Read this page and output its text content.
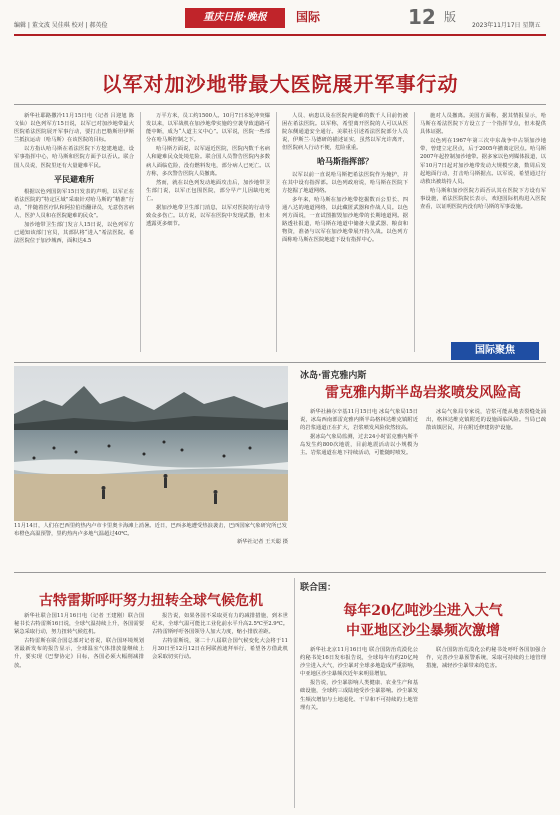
编辑 | 董文波 吴佳琪 校对 | 郝英俭
重庆日报·晚报	国际	12 版
2023年11月17日 星期五
以军对加沙地带最大医院展开军事行动

新华社耶路撒冷11月15日电（记者 吕迎旭 陈文仙）以色列军方15日说，以军已对加沙地带最大医院希法医院展开军事行动，要打击巴勒斯坦伊斯兰抵抗运动（哈马斯）在该医院的目标。

以方指认哈马斯在希法医院下方挖建地道，设军事指挥中心，哈马斯和医院方面予以否认。联合国人员说，医院里还有大量避难平民。

平民避难所

根据以色列国防军15日发表的声明，以军正在希法医院的“特定区域”采取针对哈马斯的“精准”行动，“伴随着医疗队和阿拉伯语翻译员，无意伤害病人、医护人员和在医院避难的民众”。

加沙地带卫生部门发言人15日说，以色列军方已通知该部门官员，其部队将“进入”希法医院。希法医院位于加沙城西，面积达4.5

万平方米，员工约1500人。10月7日本轮冲突爆发以来，以军战机在加沙地带实施的空袭导致道路可能中断，成为“人道主义中心”。以军说，医院一些部分在哈马斯控制之下。

哈马斯方面说，以军逼近医院，医院内数千名病人和避难民众处境危险。联合国人员警告医院内多数病人面临危险，没有燃料发电，部分病人已死亡。以方称，多次警告医院人员撤离。

然而，就在以色列发动地面攻击后，加沙地带卫生部门说，以军正包围医院，部分早产儿因缺电死亡。

据加沙地带卫生部门消息，以军对医院的行动导致众多伤亡。以方说，以军在医院中发现武器，但未透露更多细节。

人员、病患以及在医院内避难的数千人目前仍被困在希法医院。以军称，希望离开医院的人可以从医院东侧通道安全通行。美联社引述希法医院部分人员说，伊斯兰·马德研的描述证实，虽然以军允许离开，但医院病人行动不便，危险重重。

哈马斯指挥部？

以军以前一直说哈马斯把希法医院作为掩护，并在其中设有指挥部。以色列政府说，哈马斯在医院下方挖掘了地道网络。

多年来，哈马斯在加沙地带挖掘数百公里长、四通八达的地道网络，以此藏匿武器和作战人员。以色列方面说，一直试图摧毁加沙地带的长期地道网。据路透社报道，哈马斯在地道中储备大量武器、粮食和物资，准备与以军在加沙地带展开持久战。以色列方面称哈马斯在医院地道下设有指挥中心。

施对人员撤离。美国方面称，据其情报显示，哈马斯在希法医院下方设立了一个指挥节点，但未提供具体证据。

以色列在1967年第三次中东战争中占领加沙地带，曾建立定居点，后于2005年撤离定居点。哈马斯2007年起控制加沙地带。据多家以色列媒体报道，以军10月7日起对加沙地带发动大规模空袭，数周后发起地面行动，打击哈马斯据点。以军说，希望通过行动救出被劫持人员。

哈马斯和加沙医院方面否认其在医院下方设有军事设施，希法医院院长表示，欢迎国际机构进入医院查看，以证明医院内没有哈马斯的军事设施。

国际聚焦
11月14日，人们在巴西里约热内卢市卡里奥卡海滩上消暑。近日，巴西多地遭受热浪袭击，巴西国家气象研究所已发布橙色高温预警，里约热内卢多地气温超过40℃。
新华社记者 王天聪 摄
冰岛·雷克雅内斯
雷克雅内斯半岛岩浆喷发风险高

新华社赫尔辛基11月15日电 冰岛气象局15日说，冰岛西南部雷克雅内斯半岛格林达维克镇附近的岩浆通道正在扩大，岩浆喷发风险依然较高。

据冰岛气象局监测，过去24小时雷克雅内斯半岛发生约800次地震，目前地震活动以小规模为主。岩浆通道在地下持续活动，可能随时喷发。

冰岛气象局专家说，岩浆可能从地表裂缝处涌出，格林达维克镇附近的设施面临风险。当局已疏散该镇居民，并在附近修建防护设施。

古特雷斯呼吁努力扭转全球气候危机

新华社联合国11月16日电（记者 王建刚）联合国秘书长古特雷斯16日说，全球气温持续上升，各国需要紧急采取行动，努力扭转气候危机。

古特雷斯在联合国总部对记者说，联合国环境规划署最新发布的报告显示，全球温室气体排放量继续上升，要实现《巴黎协定》目标，各国必须大幅削减排放。

报告说，如果各国不采取更有力的减排措施，到本世纪末，全球气温可能比工业化前水平升高2.5℃至2.9℃。古特雷斯呼吁各国领导人加大力度，缩小排放差距。

古特雷斯说，第二十八届联合国气候变化大会将于11月30日至12月12日在阿联酋迪拜举行，希望各方借此机会采取切实行动。

联合国：
每年20亿吨沙尘进入大气
中亚地区沙尘暴频次激增

新华社北京11月16日电 联合国防治荒漠化公约秘书处16日发布报告说，全球每年有约20亿吨沙尘进入大气，沙尘暴对全球多地造成严重影响，中亚地区沙尘暴频次近年来明显增加。

报告说，沙尘暴影响人类健康、农业生产和基础设施，全球约三成陆地受沙尘暴影响。沙尘暴发生频次增加与土地退化、干旱和不可持续的土地管理有关。

联合国防治荒漠化公约秘书处呼吁各国加强合作，完善沙尘暴预警系统，采取可持续的土地管理措施，减轻沙尘暴带来的危害。
